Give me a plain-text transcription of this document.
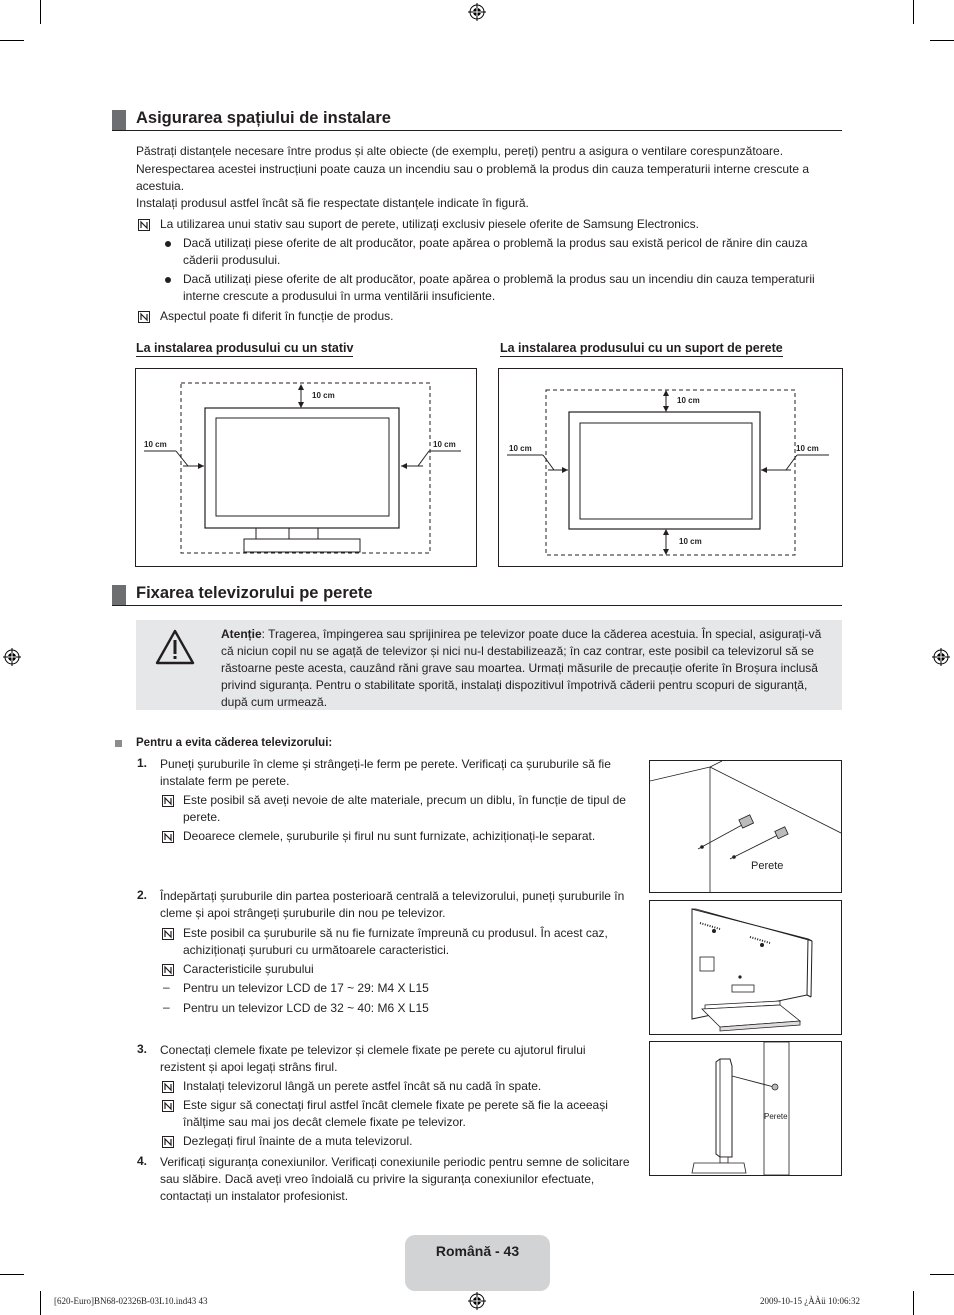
Asigurarea spațiului de instalare
Păstrați distanțele necesare între produs și alte obiecte (de exemplu, pereți) pentru a asigura o ventilare corespunzătoare.
Nerespectarea acestei instrucțiuni poate cauza un incendiu sau o problemă la produs din cauza temperaturii interne crescute a acestuia.
Instalați produsul astfel încât să fie respectate distanțele indicate în figură.
La utilizarea unui stativ sau suport de perete, utilizați exclusiv piesele oferite de Samsung Electronics.
Dacă utilizați piese oferite de alt producător, poate apărea o problemă la produs sau există pericol de rănire din cauza căderii produsului.
Dacă utilizați piese oferite de alt producător, poate apărea o problemă la produs sau un incendiu din cauza temperaturii interne crescute a produsului în urma ventilării insuficiente.
Aspectul poate fi diferit în funcție de produs.
La instalarea produsului cu un stativ	La instalarea produsului cu un suport de perete
10 cm
10 cm	10 cm
10 cm
10 cm
10 cm	10 cm
Fixarea televizorului pe perete
Atenție: Tragerea, împingerea sau sprijinirea pe televizor poate duce la căderea acestuia. În special, asigurați-vă că niciun copil nu se agață de televizor și nici nu-l destabilizează; în caz contrar, este posibil ca televizorul să se răstoarne peste acesta, cauzând răni grave sau moartea. Urmați măsurile de precauție oferite în Broșura inclusă privind siguranța. Pentru o stabilitate sporită, instalați dispozitivul împotrivă căderii pentru scopuri de siguranță, după cum urmează.
Pentru a evita căderea televizorului:
1. Puneți șuruburile în cleme și strângeți-le ferm pe perete. Verificați ca șuruburile să fie instalate ferm pe perete.
Este posibil să aveți nevoie de alte materiale, precum un diblu, în funcție de tipul de perete.
Deoarece clemele, șuruburile și firul nu sunt furnizate, achiziționați-le separat.
2. Îndepărtați șuruburile din partea posterioară centrală a televizorului, puneți șuruburile în cleme și apoi strângeți șuruburile din nou pe televizor.
Este posibil ca șuruburile să nu fie furnizate împreună cu produsul. În acest caz, achiziționați șuruburi cu următoarele caracteristici.
Caracteristicile șurubului
– Pentru un televizor LCD de 17 ~ 29: M4 X L15
– Pentru un televizor LCD de 32 ~ 40: M6 X L15
3. Conectați clemele fixate pe televizor și clemele fixate pe perete cu ajutorul firului rezistent și apoi legați strâns firul.
Instalați televizorul lângă un perete astfel încât să nu cadă în spate.
Este sigur să conectați firul astfel încât clemele fixate pe perete să fie la aceeași înălțime sau mai jos decât clemele fixate pe televizor.
Dezlegați firul înainte de a muta televizorul.
4. Verificați siguranța conexiunilor. Verificați conexiunile periodic pentru semne de solicitare sau slăbire. Dacă aveți vreo îndoială cu privire la siguranța conexiunilor efectuate, contactați un instalator profesionist.
Perete
Perete
Română - 43
[620-Euro]BN68-02326B-03L10.ind43 43	2009-10-15 ¿ÀÀü 10:06:32
